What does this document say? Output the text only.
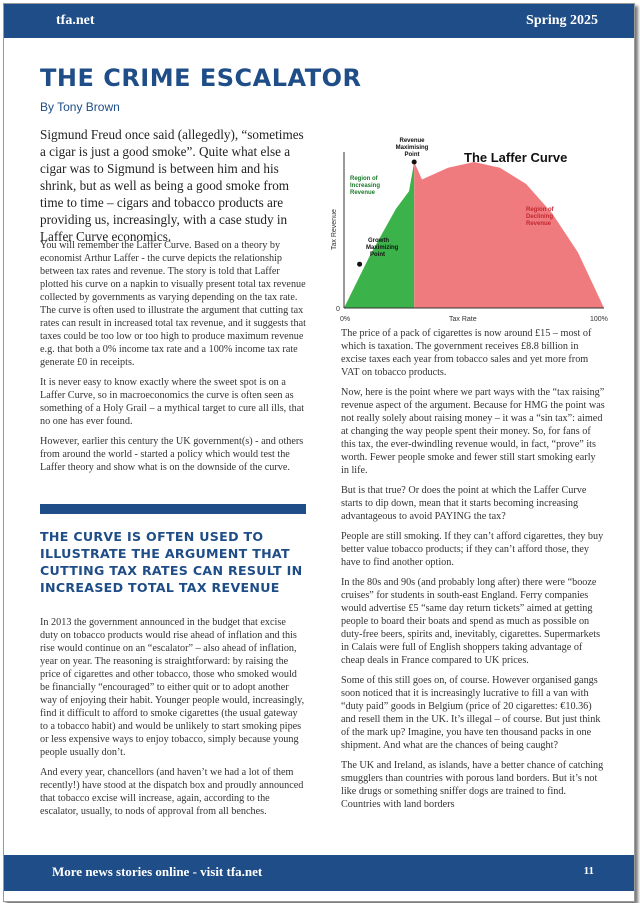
tfa.net	Spring 2025
THE CRIME ESCALATOR
By Tony Brown
Sigmund Freud once said (allegedly), “sometimes a cigar is just a good smoke”. Quite what else a cigar was to Sigmund is between him and his shrink, but as well as being a good smoke from time to time – cigars and tobacco products are providing us, increasingly, with a case study in Laffer Curve economics.

You will remember the Laffer Curve. Based on a theory by economist Arthur Laffer - the curve depicts the relationship between tax rates and revenue. The story is told that Laffer plotted his curve on a napkin to visually present total tax revenue collected by governments as varying depending on the tax rate. The curve is often used to illustrate the argument that cutting tax rates can result in increased total tax revenue, and it suggests that taxes could be too low or too high to produce maximum revenue e.g. that both a 0% income tax rate and a 100% income tax rate generate £0 in receipts.

It is never easy to know exactly where the sweet spot is on a Laffer Curve, so in macroeconomics the curve is often seen as something of a Holy Grail – a mythical target to cure all ills, that no one has ever found.

However, earlier this century the UK government(s) - and others from around the world - started a policy which would test the Laffer theory and show what is on the downside of the curve.

THE CURVE IS OFTEN USED TO ILLUSTRATE THE ARGUMENT THAT CUTTING TAX RATES CAN RESULT IN INCREASED TOTAL TAX REVENUE

In 2013 the government announced in the budget that excise duty on tobacco products would rise ahead of inflation and this rise would continue on an “escalator” – also ahead of inflation, year on year. The reasoning is straightforward: by raising the price of cigarettes and other tobacco, those who smoked would be financially “encouraged” to either quit or to adopt another way of enjoying their habit. Younger people would, increasingly, find it difficult to afford to smoke cigarettes (the usual gateway to a tobacco habit) and would be unlikely to start smoking pipes or less expensive ways to enjoy tobacco, simply because young people usually don’t.

And every year, chancellors (and haven’t we had a lot of them recently!) have stood at the dispatch box and proudly announced that tobacco excise will increase, again, according to the escalator, usually, to nods of approval from all benches.

The Laffer Curve
Tax Revenue
Tax Rate
0%	100%
0
Revenue Maximising Point
Region of Increasing Revenue
Region of Declining Revenue
Growth Maximizing Point

The price of a pack of cigarettes is now around £15 – most of which is taxation. The government receives £8.8 billion in excise taxes each year from tobacco sales and yet more from VAT on tobacco products.

Now, here is the point where we part ways with the “tax raising” revenue aspect of the argument. Because for HMG the point was not really solely about raising money – it was a “sin tax”: aimed at changing the way people spent their money. So, for fans of this tax, the ever-dwindling revenue would, in fact, “prove” its worth. Fewer people smoke and fewer still start smoking early in life.

But is that true? Or does the point at which the Laffer Curve starts to dip down, mean that it starts becoming increasing advantageous to avoid PAYING the tax?

People are still smoking. If they can’t afford cigarettes, they buy better value tobacco products; if they can’t afford those, they have to find another option.

In the 80s and 90s (and probably long after) there were “booze cruises” for students in south-east England. Ferry companies would advertise £5 “same day return tickets” aimed at getting people to board their boats and spend as much as possible on duty-free beers, spirits and, inevitably, cigarettes. Supermarkets in Calais were full of English shoppers taking advantage of cheap deals in France compared to UK prices.

Some of this still goes on, of course. However organised gangs soon noticed that it is increasingly lucrative to fill a van with “duty paid” goods in Belgium (price of 20 cigarettes: €10.36) and resell them in the UK. It’s illegal – of course. But just think of the mark up? Imagine, you have ten thousand packs in one shipment. And what are the chances of being caught?

The UK and Ireland, as islands, have a better chance of catching smugglers than countries with porous land borders. But it’s not like drugs or something sniffer dogs are trained to find. Countries with land borders

More news stories online - visit tfa.net	11
